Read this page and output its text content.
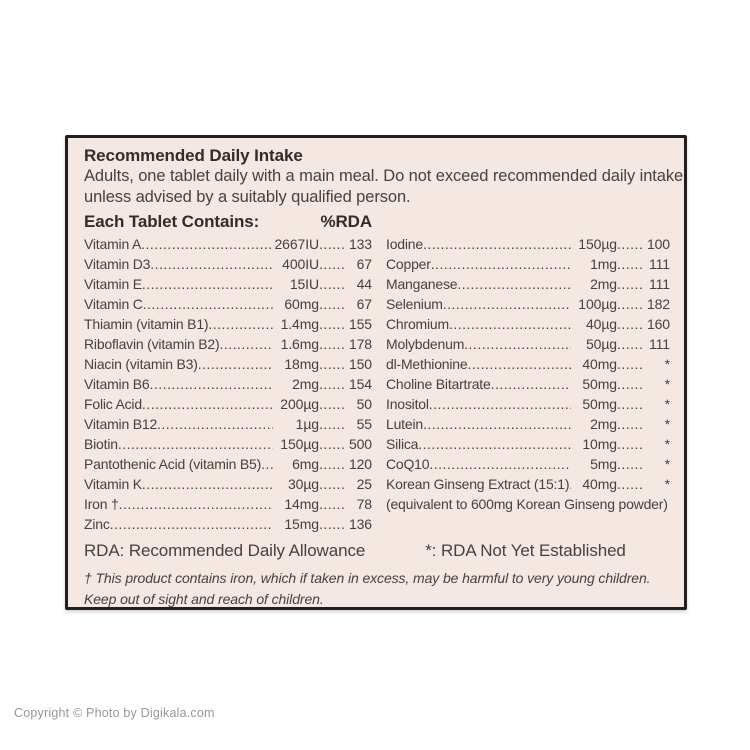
Recommended Daily Intake
Adults, one tablet daily with a main meal. Do not exceed recommended daily intake
unless advised by a suitably qualified person.
Each Tablet Contains:	%RDA
Vitamin A .....	2667IU ..... 133
Vitamin D3 .....	400IU .....	67
Vitamin E .....	15IU .....	44
Vitamin C .....	60mg .....	67
Thiamin (vitamin B1) .....	1.4mg ..... 155
Riboflavin (vitamin B2) .....	1.6mg ..... 178
Niacin (vitamin B3) .....	18mg ..... 150
Vitamin B6 .....	2mg ..... 154
Folic Acid .....	200µg .....	50
Vitamin B12 .....	1µg .....	55
Biotin .....	150µg ..... 500
Pantothenic Acid (vitamin B5) .....	6mg ..... 120
Vitamin K .....	30µg .....	25
Iron † .....	14mg .....	78
Zinc .....	15mg ..... 136
Iodine .....	150µg ..... 100
Copper .....	1mg .....	111
Manganese .....	2mg .....	111
Selenium .....	100µg ..... 182
Chromium .....	40µg ..... 160
Molybdenum .....	50µg .....	111
dl-Methionine .....	40mg .....	*
Choline Bitartrate .....	50mg .....	*
Inositol .....	50mg .....	*
Lutein .....	2mg .....	*
Silica .....	10mg .....	*
CoQ10 .....	5mg .....	*
Korean Ginseng Extract (15:1) ..... 40mg .....	*
(equivalent to 600mg Korean Ginseng powder)
RDA: Recommended Daily Allowance	*: RDA Not Yet Established
† This product contains iron, which if taken in excess, may be harmful to very young children.
Keep out of sight and reach of children.
Copyright © Photo by Digikala.com
